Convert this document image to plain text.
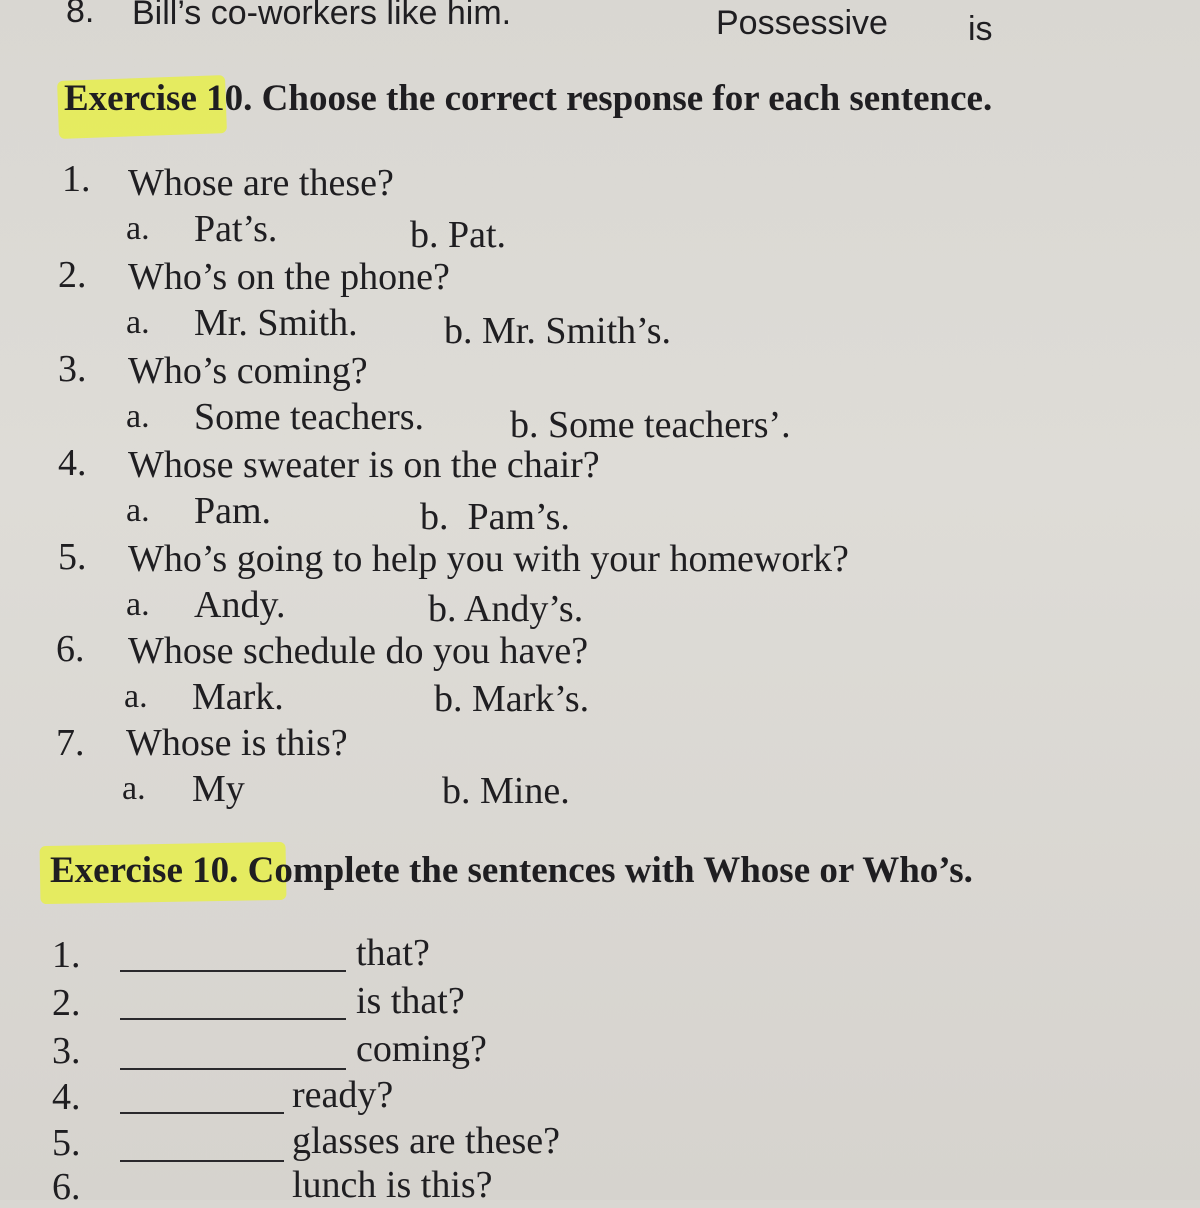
8. Bill’s co-workers like him.	Possessive is
Exercise 10. Choose the correct response for each sentence.
1. Whose are these?
a. Pat’s.	b. Pat.
2. Who’s on the phone?
a. Mr. Smith. b. Mr. Smith’s.
3. Who’s coming?
a. Some teachers. b. Some teachers’.
4. Whose sweater is on the chair?
a. Pam.	b.  Pam’s.
5. Who’s going to help you with your homework?
a. Andy.	b. Andy’s.
6. Whose schedule do you have?
a. Mark.	b. Mark’s.
7. Whose is this?
a. My	b. Mine.
Exercise 10. Complete the sentences with Whose or Who’s.
1.	that?
2.	is that?
3.	coming?
4.	ready?
5.	glasses are these?
6.	lunch is this?
